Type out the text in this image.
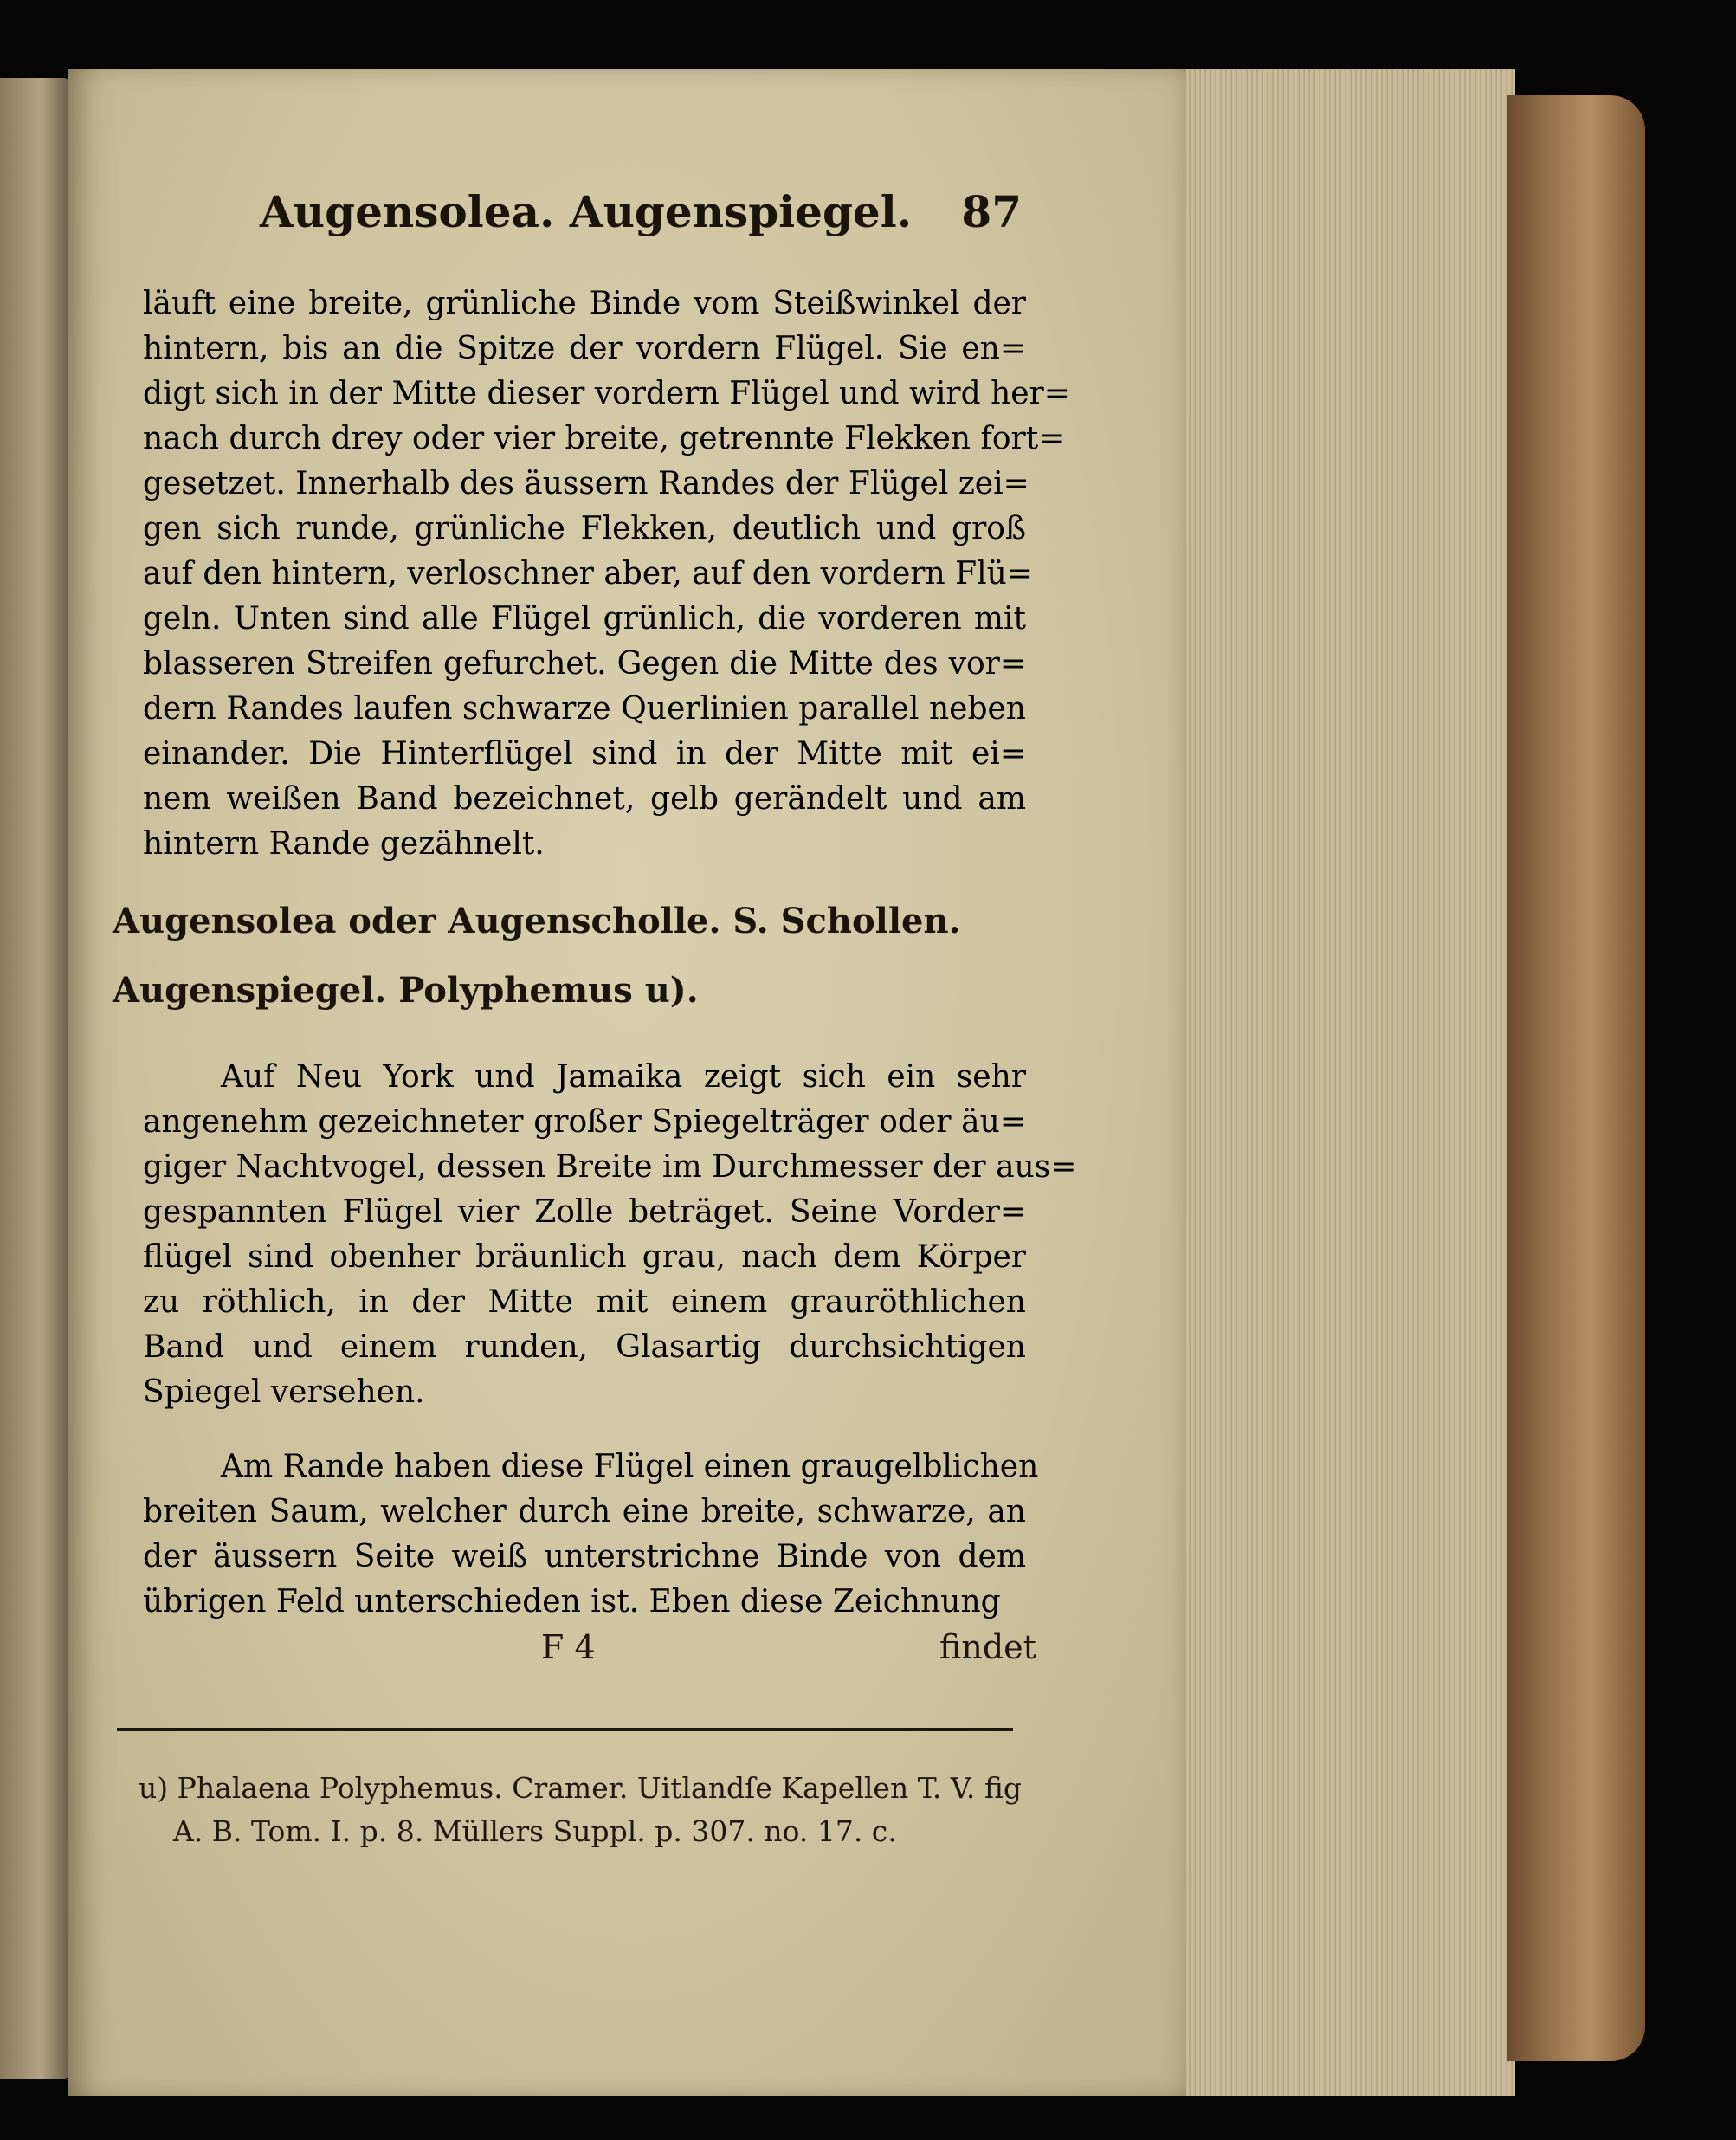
Augensolea. Augenspiegel. 87
läuft eine breite, grünliche Binde vom Steißwinkel der
hintern, bis an die Spitze der vordern Flügel. Sie en=
digt sich in der Mitte dieser vordern Flügel und wird her=
nach durch drey oder vier breite, getrennte Flekken fort=
gesetzet. Innerhalb des äussern Randes der Flügel zei=
gen sich runde, grünliche Flekken, deutlich und groß
auf den hintern, verloschner aber, auf den vordern Flü=
geln. Unten sind alle Flügel grünlich, die vorderen mit
blasseren Streifen gefurchet. Gegen die Mitte des vor=
dern Randes laufen schwarze Querlinien parallel neben
einander. Die Hinterflügel sind in der Mitte mit ei=
nem weißen Band bezeichnet, gelb gerändelt und am
hintern Rande gezähnelt.
Augensolea oder Augenscholle. S. Schollen.
Augenspiegel. Polyphemus u).
Auf Neu York und Jamaika zeigt sich ein sehr
angenehm gezeichneter großer Spiegelträger oder äu=
giger Nachtvogel, dessen Breite im Durchmesser der aus=
gespannten Flügel vier Zolle beträget. Seine Vorder=
flügel sind obenher bräunlich grau, nach dem Körper
zu röthlich, in der Mitte mit einem grauröthlichen
Band und einem runden, Glasartig durchsichtigen
Spiegel versehen.
Am Rande haben diese Flügel einen graugelblichen
breiten Saum, welcher durch eine breite, schwarze, an
der äussern Seite weiß unterstrichne Binde von dem
übrigen Feld unterschieden ist. Eben diese Zeichnung
F 4	findet
u) Phalaena Polyphemus. Cramer. Uitlandſe Kapellen T. V. fig
A. B. Tom. I. p. 8. Müllers Suppl. p. 307. no. 17. c.
